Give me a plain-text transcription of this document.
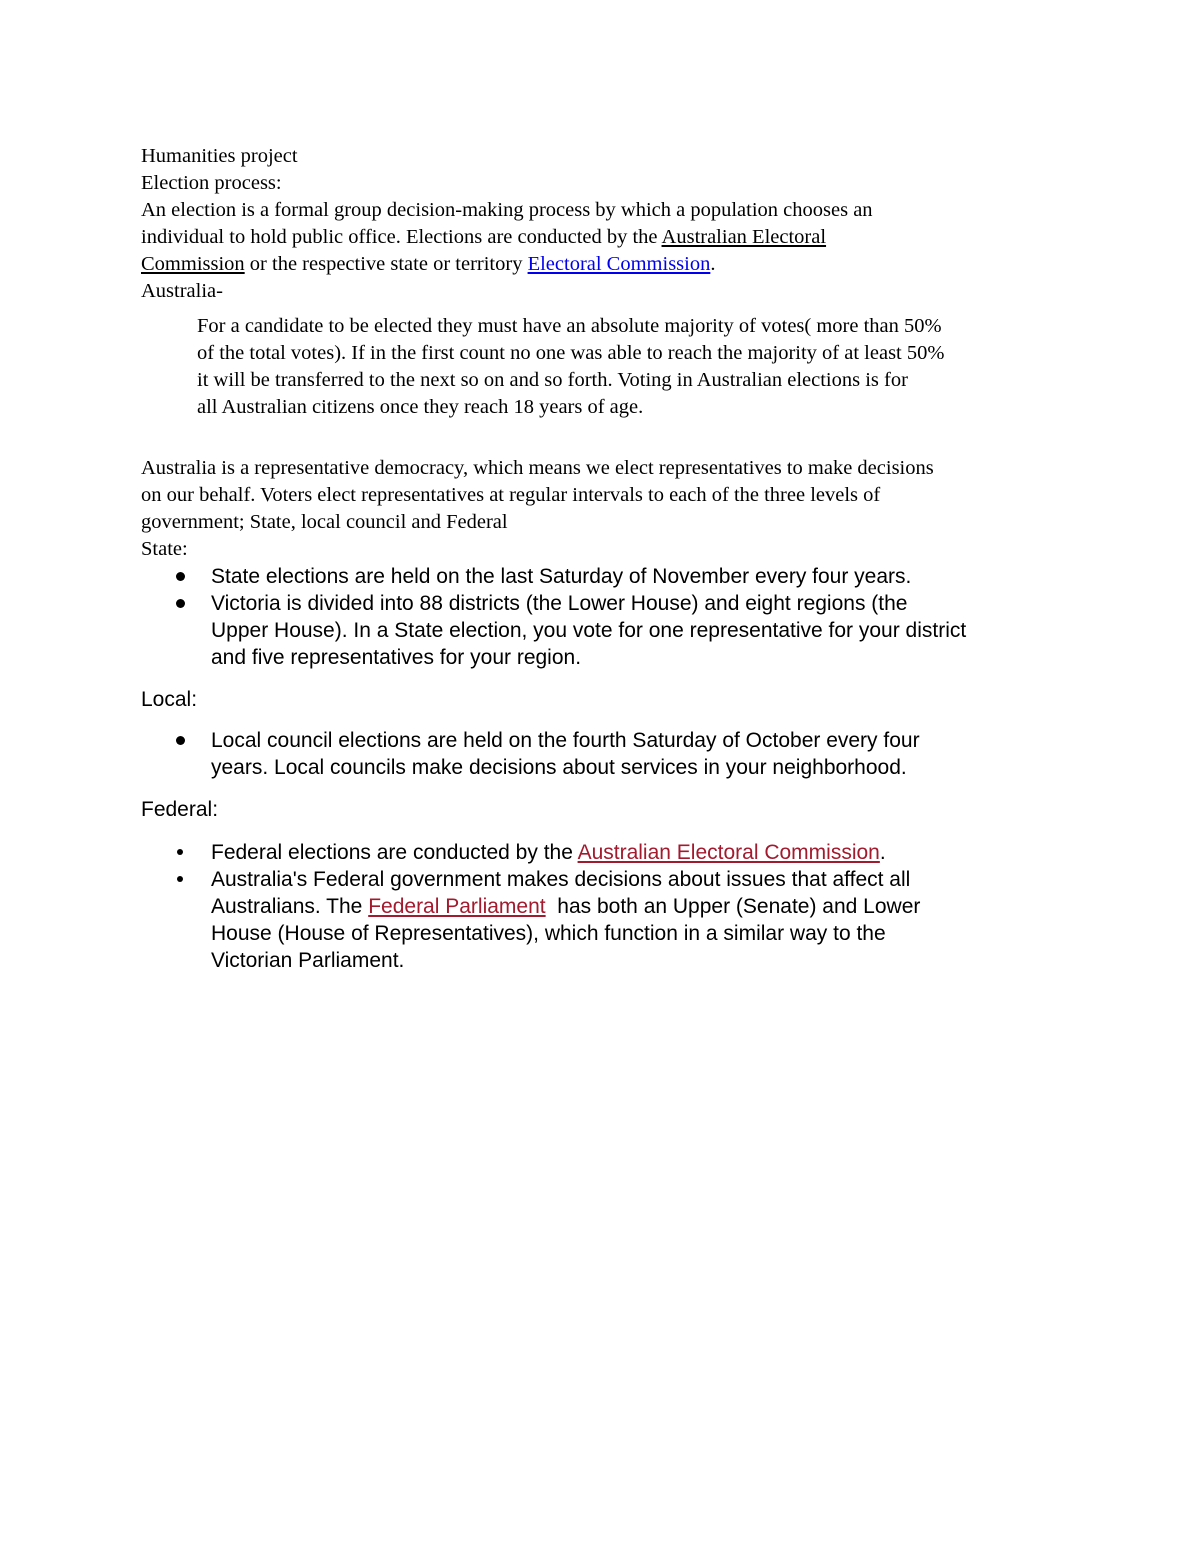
Humanities project
Election process:
An election is a formal group decision-making process by which a population chooses an
individual to hold public office. Elections are conducted by the Australian Electoral
Commission or the respective state or territory Electoral Commission.
Australia-
For a candidate to be elected they must have an absolute majority of votes( more than 50%
of the total votes). If in the first count no one was able to reach the majority of at least 50%
it will be transferred to the next so on and so forth. Voting in Australian elections is for
all Australian citizens once they reach 18 years of age.
Australia is a representative democracy, which means we elect representatives to make decisions
on our behalf. Voters elect representatives at regular intervals to each of the three levels of
government; State, local council and Federal
State:
State elections are held on the last Saturday of November every four years.
Victoria is divided into 88 districts (the Lower House) and eight regions (the
Upper House). In a State election, you vote for one representative for your district
and five representatives for your region.
Local:
Local council elections are held on the fourth Saturday of October every four
years. Local councils make decisions about services in your neighborhood.
Federal:
Federal elections are conducted by the Australian Electoral Commission.
Australia's Federal government makes decisions about issues that affect all
Australians. The Federal Parliament  has both an Upper (Senate) and Lower
House (House of Representatives), which function in a similar way to the
Victorian Parliament.
